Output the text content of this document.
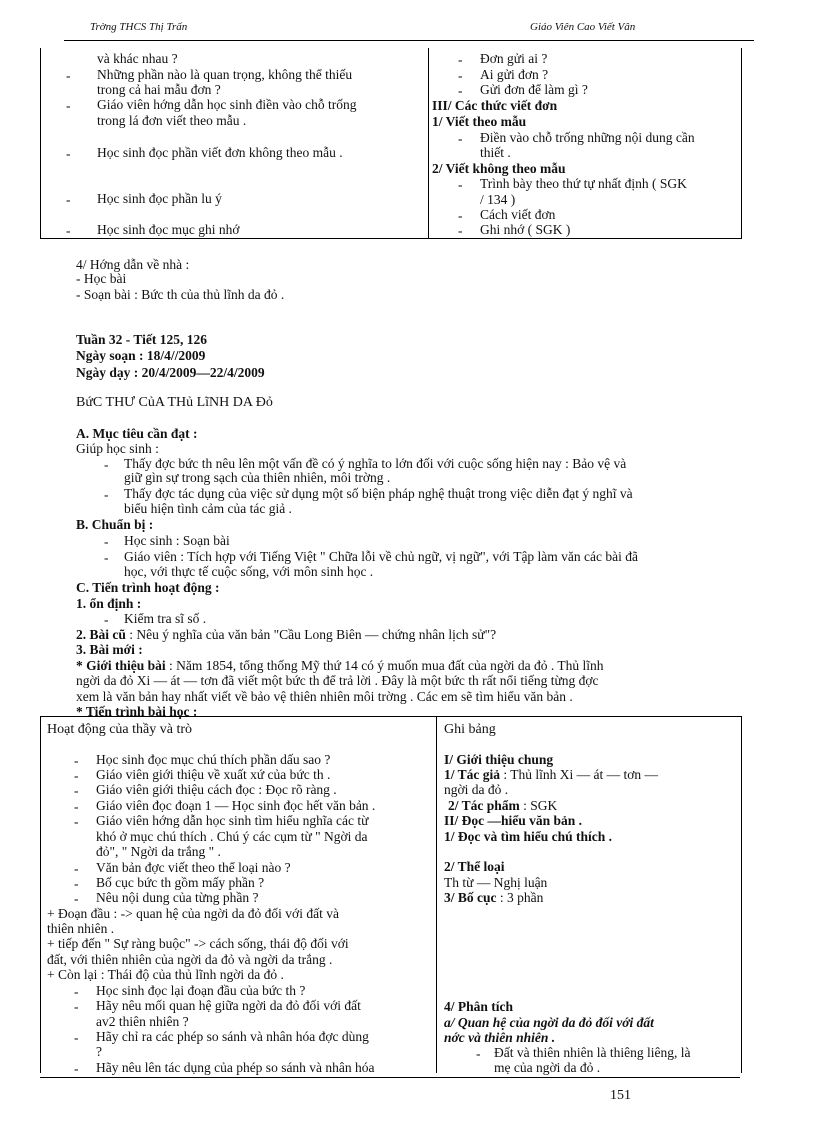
Trờng THCS Thị Trấn	Giáo Viên Cao Viết Vân
và khác nhau ?
- Những phần nào là quan trọng, không thể thiếu
trong cả hai mẫu đơn ?
- Giáo viên hớng dẫn học sinh điền vào chỗ trống
trong lá đơn viết theo mẫu .
- Học sinh đọc phần viết đơn không theo mẫu .
- Học sinh đọc phần lu ý
- Học sinh đọc mục ghi nhớ
- Đơn gửi ai ?
- Ai gửi đơn ?
- Gửi đơn để làm gì ?
III/ Các thức viết đơn
1/ Viết theo mẫu
- Điền vào chỗ trống những nội dung cần
thiết .
2/ Viết không theo mẫu
- Trình bày theo thứ tự nhất định ( SGK
/ 134 )
- Cách viết đơn
- Ghi nhớ ( SGK )
4/ Hớng dẫn về nhà :
- Học bài
- Soạn bài : Bức th của thủ lĩnh da đỏ .
Tuần 32 - Tiết 125, 126
Ngày soạn : 18/4//2009
Ngày dạy : 20/4/2009—22/4/2009
BứC THƯ CủA THủ LĩNH DA Đỏ
A. Mục tiêu cần đạt :
Giúp học sinh :
- Thấy đợc bức th nêu lên một vấn đề có ý nghĩa to lớn đối với cuộc sống hiện nay : Bảo vệ và
giữ gìn sự trong sạch của thiên nhiên, môi trờng .
- Thấy đợc tác dụng của việc sử dụng một số biện pháp nghệ thuật trong việc diễn đạt ý nghĩ và
biểu hiện tình cảm của tác giả .
B. Chuẩn bị :
- Học sinh : Soạn bài
- Giáo viên : Tích hợp với Tiếng Việt " Chữa lỗi về chủ ngữ, vị ngữ", với Tập làm văn các bài đã
học, với thực tế cuộc sống, với môn sinh học .
C. Tiến trình hoạt động :
1. ổn định :
- Kiểm tra sĩ số .
2. Bài cũ : Nêu ý nghĩa của văn bản "Cầu Long Biên — chứng nhân lịch sử"?
3. Bài mới :
* Giới thiệu bài : Năm 1854, tổng thống Mỹ thứ 14 có ý muốn mua đất của ngời da đỏ . Thủ lĩnh
ngời da đỏ Xi — át — tơn đã viết một bức th để trả lời . Đây là một bức th rất nổi tiếng từng đợc
xem là văn bản hay nhất viết về bảo vệ thiên nhiên môi trờng . Các em sẽ tìm hiểu văn bản .
* Tiến trình bài học :
Hoạt động của thầy và trò	Ghi bảng
- Học sinh đọc mục chú thích phần dấu sao ?
- Giáo viên giới thiệu về xuất xứ của bức th .
- Giáo viên giới thiệu cách đọc : Đọc rõ ràng .
- Giáo viên đọc đoạn 1 — Học sinh đọc hết văn bản .
- Giáo viên hớng dẫn học sinh tìm hiểu nghĩa các từ
khó ở mục chú thích . Chú ý các cụm từ " Ngời da
đỏ", " Ngời da trắng " .
- Văn bản đợc viết theo thể loại nào ?
- Bố cục bức th gồm mấy phần ?
- Nêu nội dung của từng phần ?
+ Đoạn đầu : -> quan hệ của ngời da đỏ đối với đất và
thiên nhiên .
+ tiếp đến " Sự ràng buộc" -> cách sống, thái độ đối với
đất, với thiên nhiên của ngời da đỏ và ngời da trắng .
+ Còn lại : Thái độ của thủ lĩnh ngời da đỏ .
- Học sinh đọc lại đoạn đầu của bức th ?
- Hãy nêu mối quan hệ giữa ngời da đỏ đối với đất
av2 thiên nhiên ?
- Hãy chỉ ra các phép so sánh và nhân hóa đợc dùng
?
- Hãy nêu lên tác dụng của phép so sánh và nhân hóa
I/ Giới thiệu chung
1/ Tác giả : Thủ lĩnh Xi — át — tơn —
ngời da đỏ .
2/ Tác phẩm : SGK
II/ Đọc —hiểu văn bản .
1/ Đọc và tìm hiểu chú thích .
2/ Thể loại
Th từ — Nghị luận
3/ Bố cục : 3 phần
4/ Phân tích
a/ Quan hệ của ngời da đỏ đối với đất
nớc và thiên nhiên .
- Đất và thiên nhiên là thiêng liêng, là
mẹ của ngời da đỏ .
151
